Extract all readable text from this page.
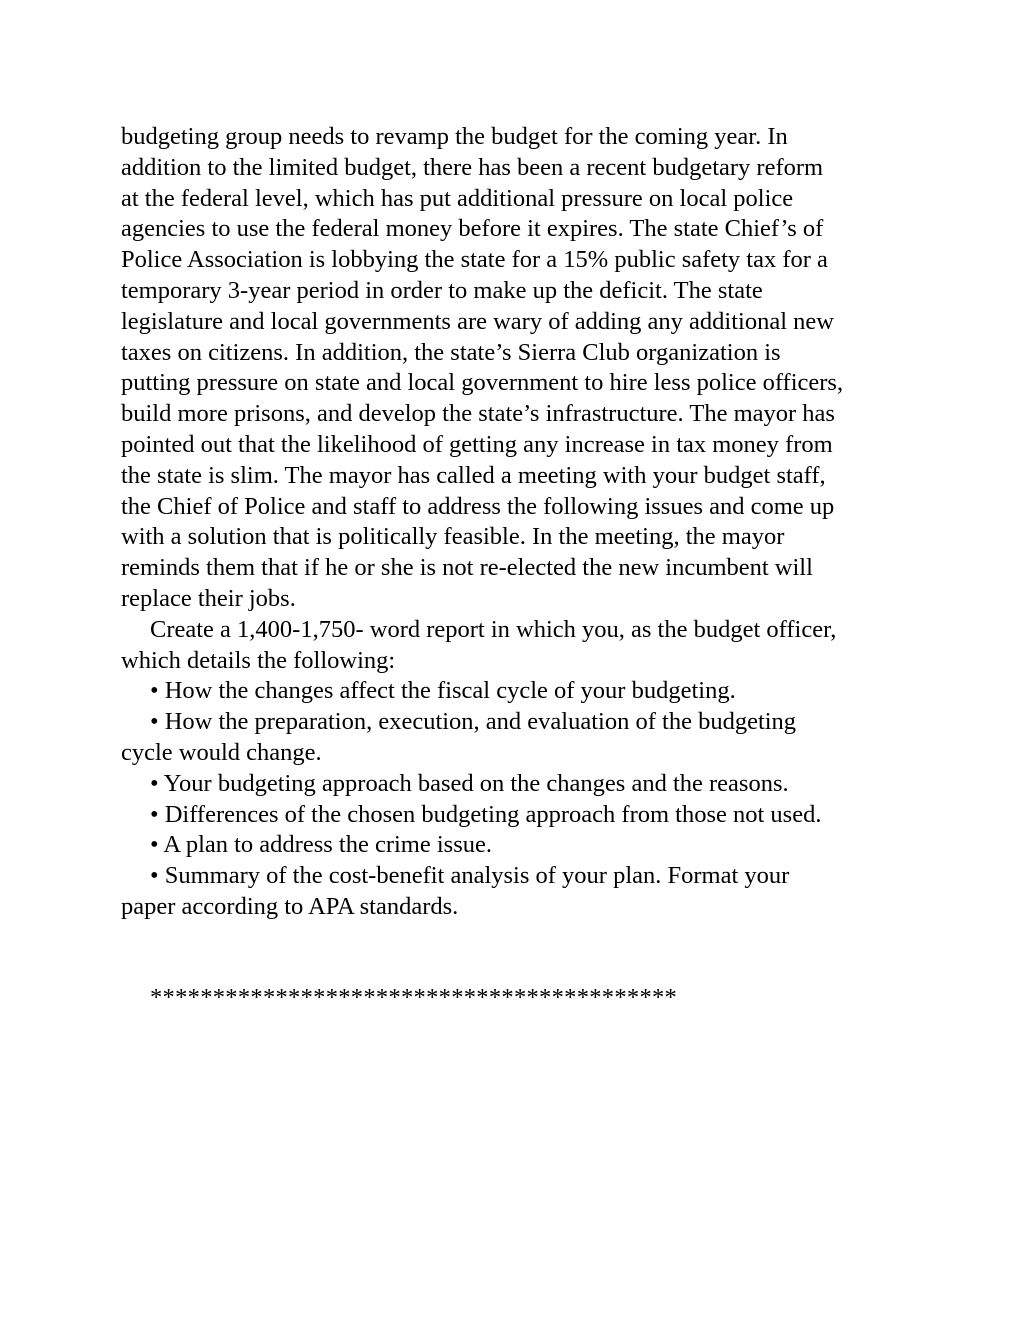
budgeting group needs to revamp the budget for the coming year. In
addition to the limited budget, there has been a recent budgetary reform
at the federal level, which has put additional pressure on local police
agencies to use the federal money before it expires. The state Chief’s of
Police Association is lobbying the state for a 15% public safety tax for a
temporary 3-year period in order to make up the deficit. The state
legislature and local governments are wary of adding any additional new
taxes on citizens. In addition, the state’s Sierra Club organization is
putting pressure on state and local government to hire less police officers,
build more prisons, and develop the state’s infrastructure. The mayor has
pointed out that the likelihood of getting any increase in tax money from
the state is slim. The mayor has called a meeting with your budget staff,
the Chief of Police and staff to address the following issues and come up
with a solution that is politically feasible. In the meeting, the mayor
reminds them that if he or she is not re-elected the new incumbent will
replace their jobs.
Create a 1,400-1,750- word report in which you, as the budget officer,
which details the following:
• How the changes affect the fiscal cycle of your budgeting.
• How the preparation, execution, and evaluation of the budgeting
cycle would change.
• Your budgeting approach based on the changes and the reasons.
• Differences of the chosen budgeting approach from those not used.
• A plan to address the crime issue.
• Summary of the cost-benefit analysis of your plan. Format your
paper according to APA standards.
******************************************
